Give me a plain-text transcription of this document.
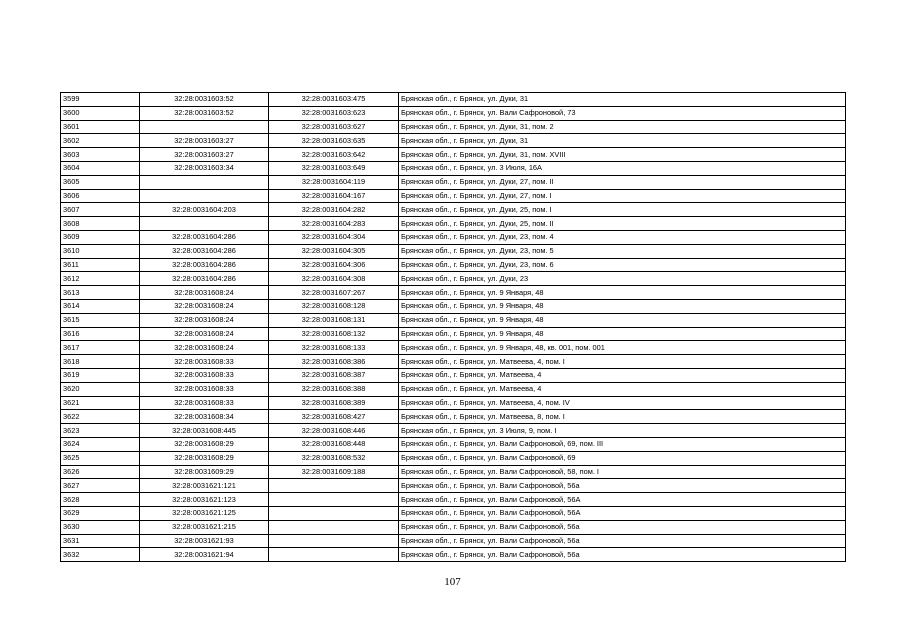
3599	32:28:0031603:52	32:28:0031603:475	Брянская обл., г. Брянск, ул. Дуки, 31
3600	32:28:0031603:52	32:28:0031603:623	Брянская обл., г. Брянск, ул. Вали Сафроновой, 73
3601		32:28:0031603:627	Брянская обл., г. Брянск, ул. Дуки, 31, пом. 2
3602	32:28:0031603:27	32:28:0031603:635	Брянская обл., г. Брянск, ул. Дуки, 31
3603	32:28:0031603:27	32:28:0031603:642	Брянская обл., г. Брянск, ул. Дуки, 31, пом. XVIII
3604	32:28:0031603:34	32:28:0031603:649	Брянская обл., г. Брянск, ул. 3 Июля, 16А
3605		32:28:0031604:119	Брянская обл., г. Брянск, ул. Дуки, 27, пом. II
3606		32:28:0031604:167	Брянская обл., г. Брянск, ул. Дуки, 27, пом. I
3607	32:28:0031604:203	32:28:0031604:282	Брянская обл., г. Брянск, ул. Дуки, 25, пом. I
3608		32:28:0031604:283	Брянская обл., г. Брянск, ул. Дуки, 25, пом. II
3609	32:28:0031604:286	32:28:0031604:304	Брянская обл., г. Брянск, ул. Дуки, 23, пом. 4
3610	32:28:0031604:286	32:28:0031604:305	Брянская обл., г. Брянск, ул. Дуки, 23, пом. 5
3611	32:28:0031604:286	32:28:0031604:306	Брянская обл., г. Брянск, ул. Дуки, 23, пом. 6
3612	32:28:0031604:286	32:28:0031604:308	Брянская обл., г. Брянск, ул. Дуки, 23
3613	32:28:0031608:24	32:28:0031607:267	Брянская обл., г. Брянск, ул. 9 Января, 48
3614	32:28:0031608:24	32:28:0031608:128	Брянская обл., г. Брянск, ул. 9 Января, 48
3615	32:28:0031608:24	32:28:0031608:131	Брянская обл., г. Брянск, ул. 9 Января, 48
3616	32:28:0031608:24	32:28:0031608:132	Брянская обл., г. Брянск, ул. 9 Января, 48
3617	32:28:0031608:24	32:28:0031608:133	Брянская обл., г. Брянск, ул. 9 Января, 48, кв. 001, пом. 001
3618	32:28:0031608:33	32:28:0031608:386	Брянская обл., г. Брянск, ул. Матвеева, 4, пом. I
3619	32:28:0031608:33	32:28:0031608:387	Брянская обл., г. Брянск, ул. Матвеева, 4
3620	32:28:0031608:33	32:28:0031608:388	Брянская обл., г. Брянск, ул. Матвеева, 4
3621	32:28:0031608:33	32:28:0031608:389	Брянская обл., г. Брянск, ул. Матвеева, 4, пом. IV
3622	32:28:0031608:34	32:28:0031608:427	Брянская обл., г. Брянск, ул. Матвеева, 8, пом. I
3623	32:28:0031608:445	32:28:0031608:446	Брянская обл., г. Брянск, ул. 3 Июля, 9, пом. I
3624	32:28:0031608:29	32:28:0031608:448	Брянская обл., г. Брянск, ул. Вали Сафроновой, 69, пом. III
3625	32:28:0031608:29	32:28:0031608:532	Брянская обл., г. Брянск, ул. Вали Сафроновой, 69
3626	32:28:0031609:29	32:28:0031609:188	Брянская обл., г. Брянск, ул. Вали Сафроновой, 58, пом. I
3627	32:28:0031621:121		Брянская обл., г. Брянск, ул. Вали Сафроновой, 56а
3628	32:28:0031621:123		Брянская обл., г. Брянск, ул. Вали Сафроновой, 56А
3629	32:28:0031621:125		Брянская обл., г. Брянск, ул. Вали Сафроновой, 56А
3630	32:28:0031621:215		Брянская обл., г. Брянск, ул. Вали Сафроновой, 56а
3631	32:28:0031621:93		Брянская обл., г. Брянск, ул. Вали Сафроновой, 56а
3632	32:28:0031621:94		Брянская обл., г. Брянск, ул. Вали Сафроновой, 56а
107
